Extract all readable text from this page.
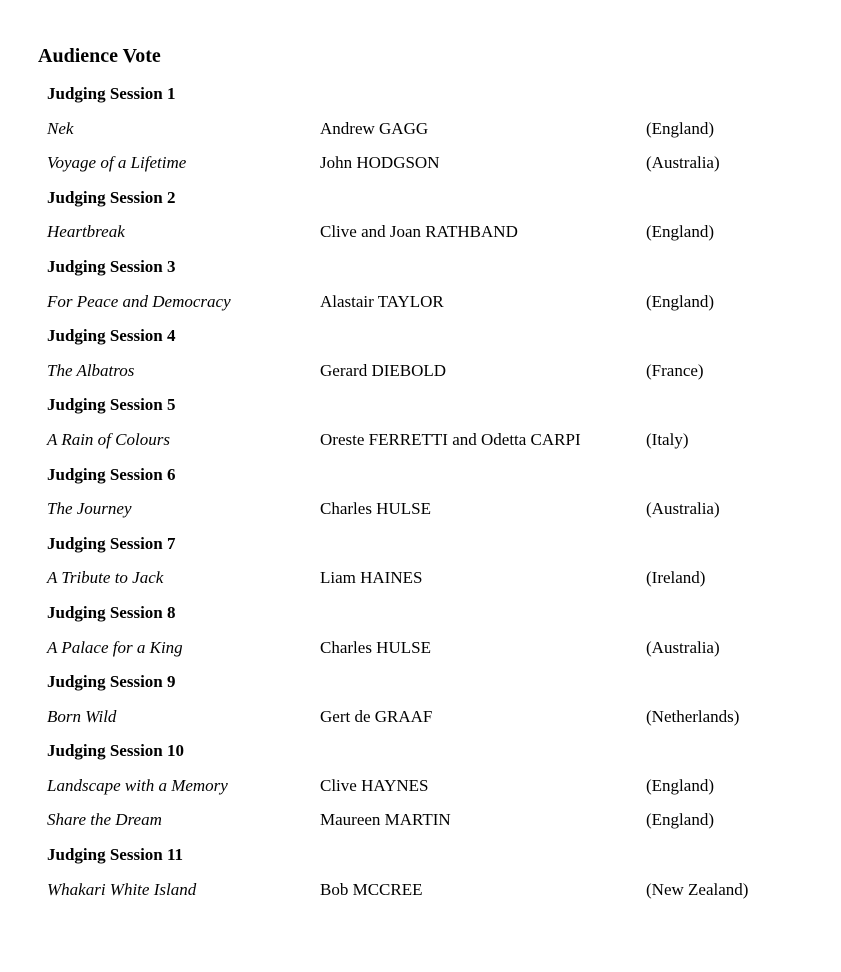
Audience Vote
Judging Session 1
Nek	Andrew GAGG	(England)
Voyage of a Lifetime	John HODGSON	(Australia)
Judging Session 2
Heartbreak	Clive and Joan RATHBAND	(England)
Judging Session 3
For Peace and Democracy	Alastair TAYLOR	(England)
Judging Session 4
The Albatros	Gerard DIEBOLD	(France)
Judging Session 5
A Rain of Colours	Oreste FERRETTI and Odetta CARPI	(Italy)
Judging Session 6
The Journey	Charles HULSE	(Australia)
Judging Session 7
A Tribute to Jack	Liam HAINES	(Ireland)
Judging Session 8
A Palace for a King	Charles HULSE	(Australia)
Judging Session 9
Born Wild	Gert de GRAAF	(Netherlands)
Judging Session 10
Landscape with a Memory	Clive HAYNES	(England)
Share the Dream	Maureen MARTIN	(England)
Judging Session 11
Whakari White Island	Bob MCCREE	(New Zealand)
